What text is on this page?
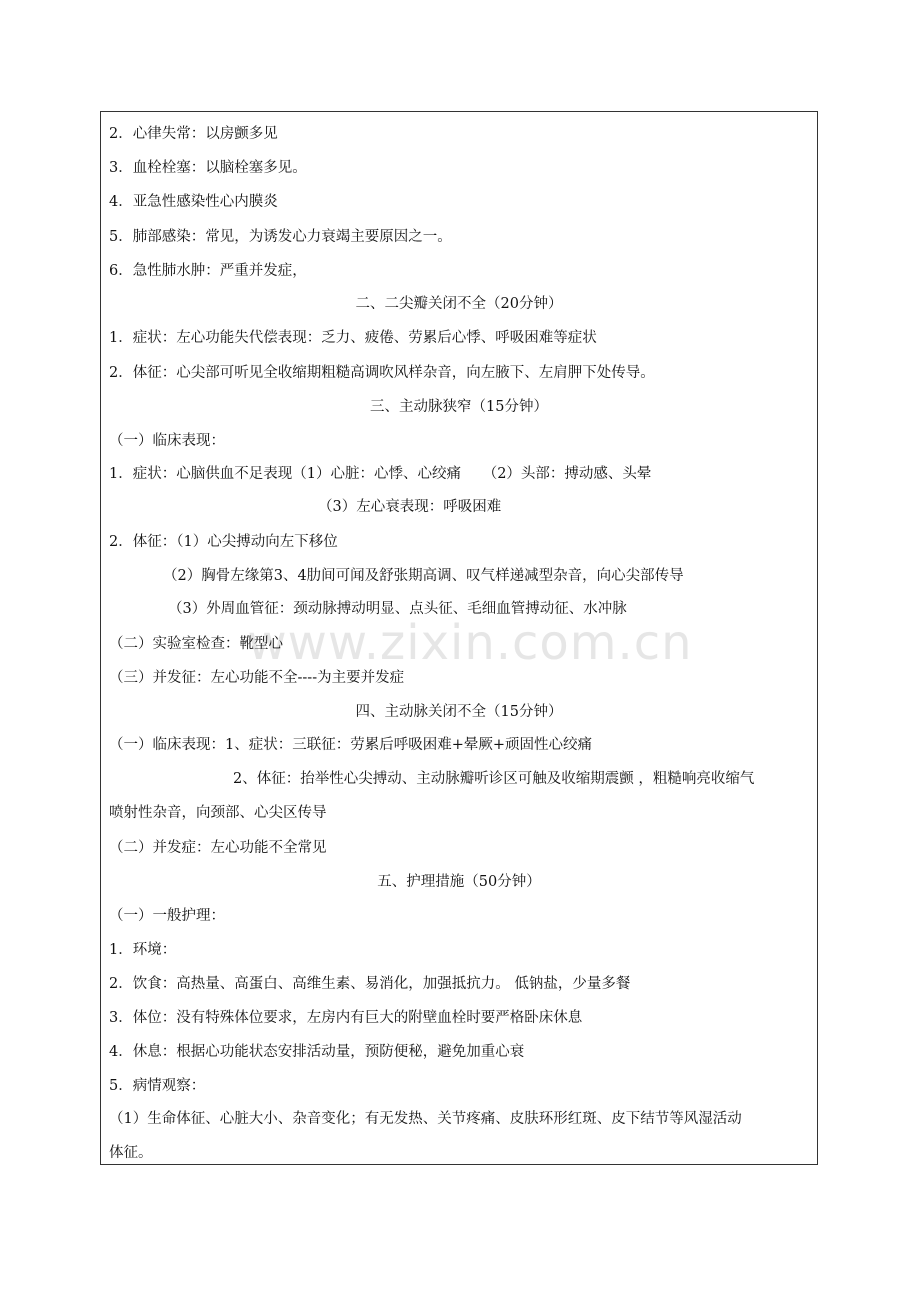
www.zixin.com.cn
2．心律失常：以房颤多见
3．血栓栓塞：以脑栓塞多见。
4．亚急性感染性心内膜炎
5．肺部感染：常见，为诱发心力衰竭主要原因之一。
6．急性肺水肿：严重并发症，
二、二尖瓣关闭不全（20分钟）
1．症状：左心功能失代偿表现：乏力、疲倦、劳累后心悸、呼吸困难等症状
2．体征：心尖部可听见全收缩期粗糙高调吹风样杂音，向左腋下、左肩胛下处传导。
三、主动脉狭窄（15分钟）
（一）临床表现：
1．症状：心脑供血不足表现（1）心脏：心悸、心绞痛　　（2）头部：搏动感、头晕
（3）左心衰表现：呼吸困难
2．体征：（1）心尖搏动向左下移位
（2）胸骨左缘第3、4肋间可闻及舒张期高调、叹气样递减型杂音，向心尖部传导
（3）外周血管征：颈动脉搏动明显、点头征、毛细血管搏动征、水冲脉
（二）实验室检查：靴型心
（三）并发征：左心功能不全----为主要并发症
四、主动脉关闭不全（15分钟）
（一）临床表现：1、症状：三联征：劳累后呼吸困难+晕厥+顽固性心绞痛
2、体征：抬举性心尖搏动、主动脉瓣听诊区可触及收缩期震颤 ，粗糙响亮收缩气
喷射性杂音，向颈部、心尖区传导
（二）并发症：左心功能不全常见
五、护理措施（50分钟）
（一）一般护理：
1．环境：
2．饮食：高热量、高蛋白、高维生素、易消化，加强抵抗力。 低钠盐，少量多餐
3．体位：没有特殊体位要求，左房内有巨大的附壁血栓时要严格卧床休息
4．休息：根据心功能状态安排活动量，预防便秘，避免加重心衰
5．病情观察：
（1）生命体征、心脏大小、杂音变化；有无发热、关节疼痛、皮肤环形红斑、皮下结节等风湿活动
体征。
